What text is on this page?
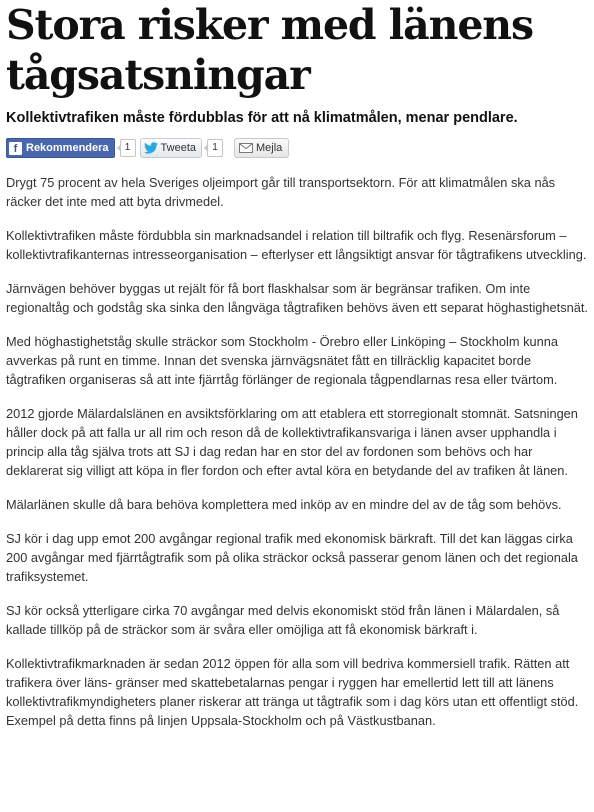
Stora risker med länens tågsatsningar

Kollektivtrafiken måste fördubblas för att nå klimatmålen, menar pendlare.

f Rekommendera	1	Tweeta	1	Mejla

Drygt 75 procent av hela Sveriges oljeimport går till transportsektorn. För att klimatmålen ska nås räcker det inte med att byta drivmedel.

Kollektivtrafiken måste fördubbla sin marknadsandel i relation till biltrafik och flyg. Resenärsforum – kollektivtrafikanternas intresseorganisation – efterlyser ett långsiktigt ansvar för tågtrafikens utveckling.

Järnvägen behöver byggas ut rejält för få bort flaskhalsar som är begränsar trafiken. Om inte regionaltåg och godståg ska sinka den långväga tågtrafiken behövs även ett separat höghastighetsnät.

Med höghastighetståg skulle sträckor som Stockholm - Örebro eller Linköping – Stockholm kunna avverkas på runt en timme. Innan det svenska järnvägsnätet fått en tillräcklig kapacitet borde tågtrafiken organiseras så att inte fjärrtåg förlänger de regionala tågpendlarnas resa eller tvärtom.

2012 gjorde Mälardalslänen en avsiktsförklaring om att etablera ett storregionalt stomnät. Satsningen håller dock på att falla ur all rim och reson då de kollektivtrafikansvariga i länen avser upphandla i princip alla tåg själva trots att SJ i dag redan har en stor del av fordonen som behövs och har deklarerat sig villigt att köpa in fler fordon och efter avtal köra en betydande del av trafiken åt länen.

Mälarlänen skulle då bara behöva komplettera med inköp av en mindre del av de tåg som behövs.

SJ kör i dag upp emot 200 avgångar regional trafik med ekonomisk bärkraft. Till det kan läggas cirka 200 avgångar med fjärrtågtrafik som på olika sträckor också passerar genom länen och det regionala trafiksystemet.

SJ kör också ytterligare cirka 70 avgångar med delvis ekonomiskt stöd från länen i Mälardalen, så kallade tillköp på de sträckor som är svåra eller omöjliga att få ekonomisk bärkraft i.

Kollektivtrafikmarknaden är sedan 2012 öppen för alla som vill bedriva kommersiell trafik. Rätten att trafikera över läns- gränser med skattebetalarnas pengar i ryggen har emellertid lett till att länens kollektivtrafikmyndigheters planer riskerar att tränga ut tågtrafik som i dag körs utan ett offentligt stöd. Exempel på detta finns på linjen Uppsala-Stockholm och på Västkustbanan.
